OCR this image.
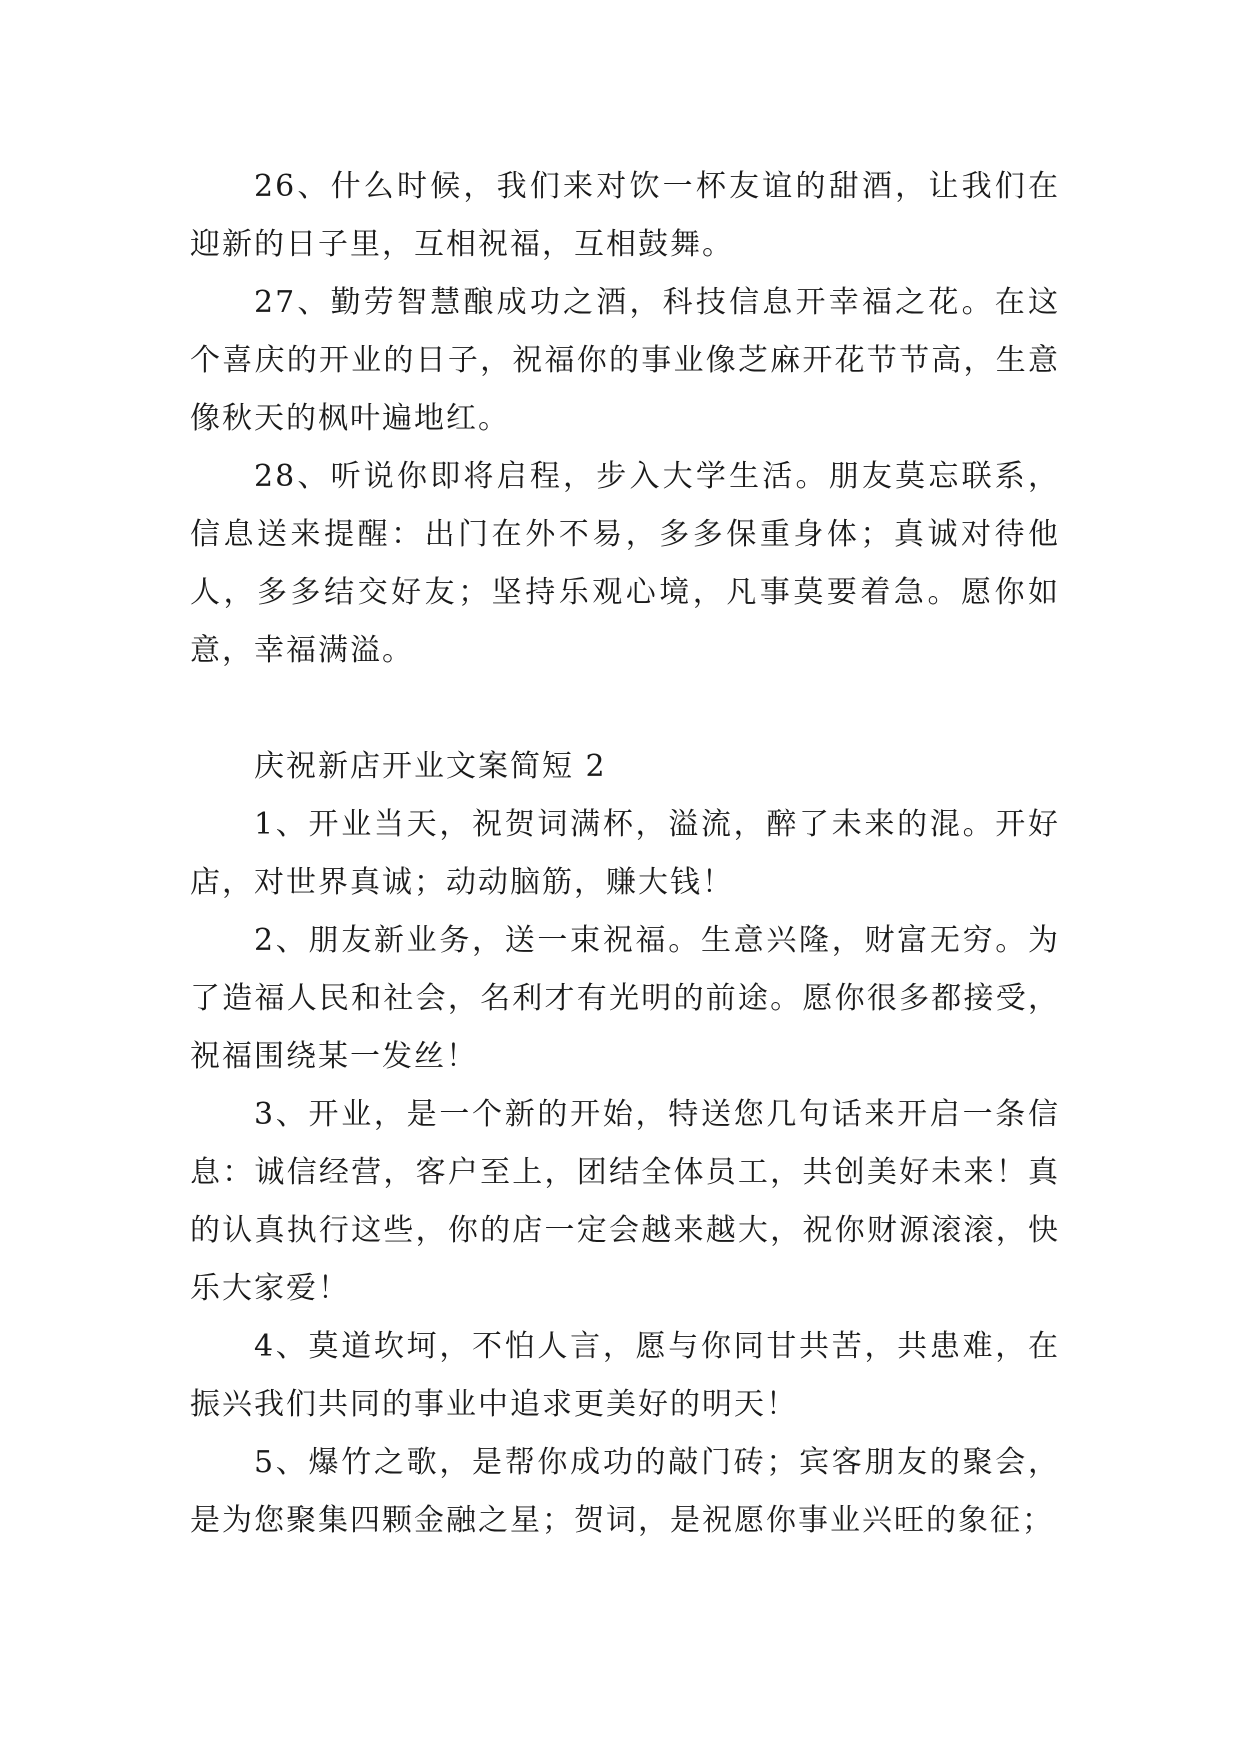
26、什么时候，我们来对饮一杯友谊的甜酒，让我们在迎新的日子里，互相祝福，互相鼓舞。

27、勤劳智慧酿成功之酒，科技信息开幸福之花。在这个喜庆的开业的日子，祝福你的事业像芝麻开花节节高，生意像秋天的枫叶遍地红。

28、听说你即将启程，步入大学生活。朋友莫忘联系，信息送来提醒：出门在外不易，多多保重身体；真诚对待他人，多多结交好友；坚持乐观心境，凡事莫要着急。愿你如意，幸福满溢。

庆祝新店开业文案简短 2

1、开业当天，祝贺词满杯，溢流，醉了未来的混。开好店，对世界真诚；动动脑筋，赚大钱！

2、朋友新业务，送一束祝福。生意兴隆，财富无穷。为了造福人民和社会，名利才有光明的前途。愿你很多都接受，祝福围绕某一发丝！

3、开业，是一个新的开始，特送您几句话来开启一条信息：诚信经营，客户至上，团结全体员工，共创美好未来！真的认真执行这些，你的店一定会越来越大，祝你财源滚滚，快乐大家爱！

4、莫道坎坷，不怕人言，愿与你同甘共苦，共患难，在振兴我们共同的事业中追求更美好的明天！

5、爆竹之歌，是帮你成功的敲门砖；宾客朋友的聚会，是为您聚集四颗金融之星；贺词，是祝愿你事业兴旺的象征；
